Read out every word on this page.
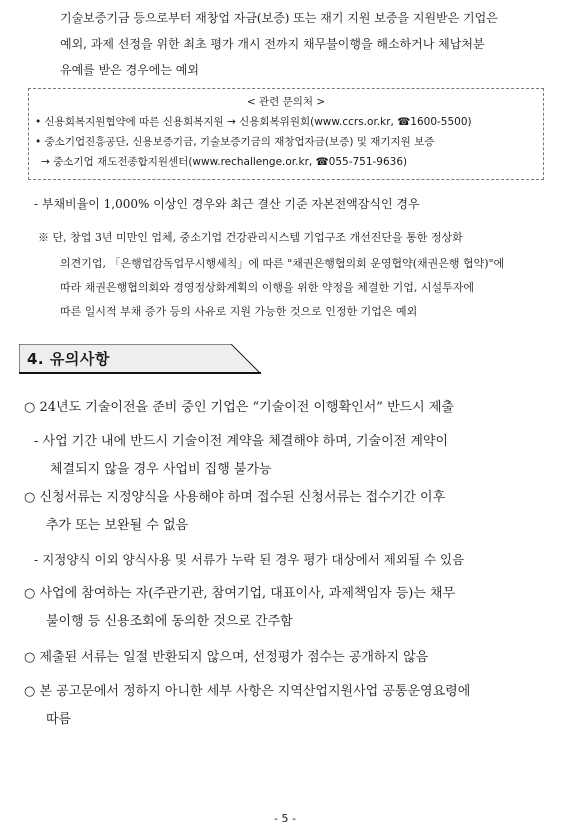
기술보증기금 등으로부터 재창업 자금(보증) 또는 재기 지원 보증을 지원받은 기업은
예외, 과제 선정을 위한 최초 평가 개시 전까지 채무불이행을 해소하거나 체납처분
유예를 받은 경우에는 예외
< 관련 문의처 >
• 신용회복지원협약에 따른 신용회복지원 → 신용회복위원회(www.ccrs.or.kr, ☎1600-5500)
• 중소기업진흥공단, 신용보증기금, 기술보증기금의 재창업자금(보증) 및 재기지원 보증
→ 중소기업 재도전종합지원센터(www.rechallenge.or.kr, ☎055-751-9636)
- 부채비율이 1,000% 이상인 경우와 최근 결산 기준 자본전액잠식인 경우
※ 단, 창업 3년 미만인 업체, 중소기업 건강관리시스템 기업구조 개선진단을 통한 정상화
의견기업, 「은행업감독업무시행세칙」에 따른 "채권은행협의회 운영협약(채권은행 협약)"에
따라 채권은행협의회와 경영정상화계획의 이행을 위한 약정을 체결한 기업, 시설투자에
따른 일시적 부채 증가 등의 사유로 지원 가능한 것으로 인정한 기업은 예외
4. 유의사항
○ 24년도 기술이전을 준비 중인 기업은 “기술이전 이행확인서” 반드시 제출
- 사업 기간 내에 반드시 기술이전 계약을 체결해야 하며, 기술이전 계약이
체결되지 않을 경우 사업비 집행 불가능
○ 신청서류는 지정양식을 사용해야 하며 접수된 신청서류는 접수기간 이후
추가 또는 보완될 수 없음
- 지정양식 이외 양식사용 및 서류가 누락 된 경우 평가 대상에서 제외될 수 있음
○ 사업에 참여하는 자(주관기관, 참여기업, 대표이사, 과제책임자 등)는 채무
불이행 등 신용조회에 동의한 것으로 간주함
○ 제출된 서류는 일절 반환되지 않으며, 선정평가 점수는 공개하지 않음
○ 본 공고문에서 정하지 아니한 세부 사항은 지역산업지원사업 공통운영요령에
따름
- 5 -
